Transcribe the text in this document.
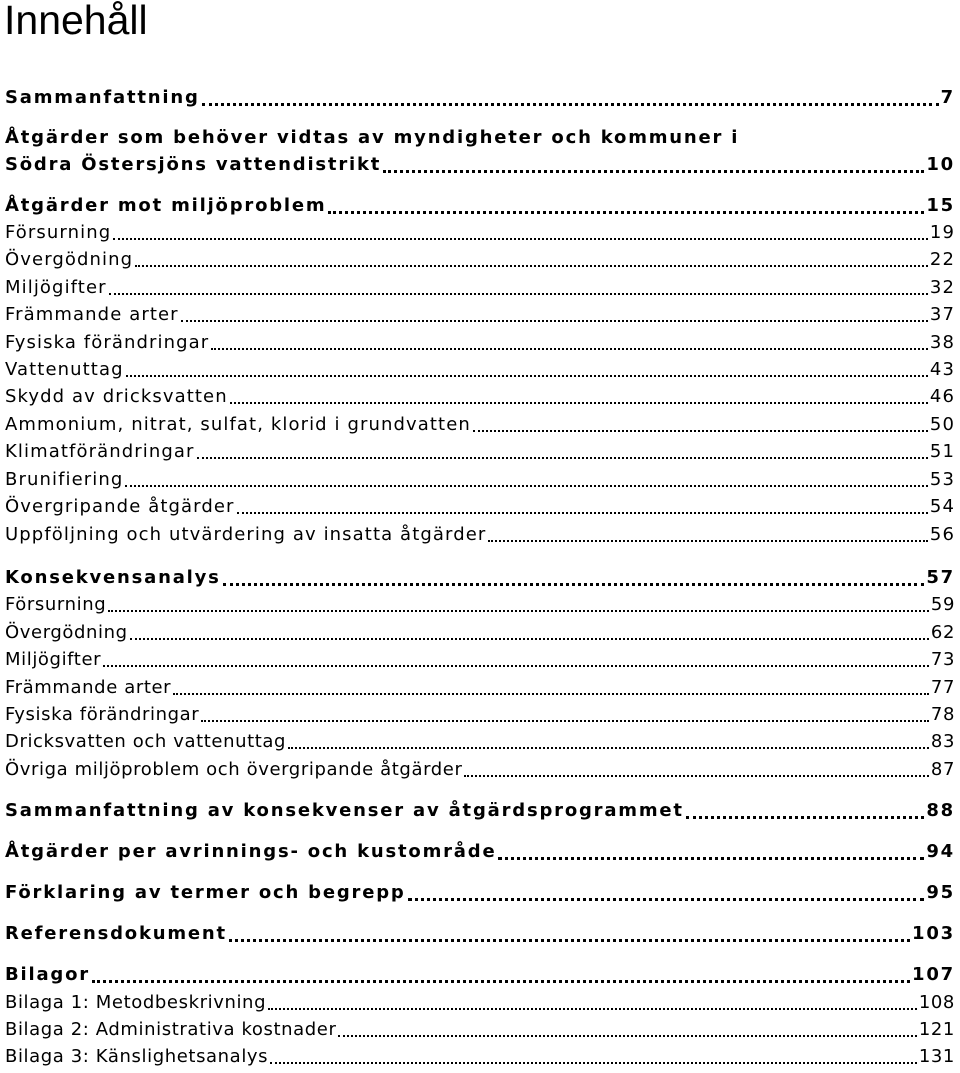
Innehåll
Sammanfattning	7
Åtgärder som behöver vidtas av myndigheter och kommuner i
Södra Östersjöns vattendistrikt	10
Åtgärder mot miljöproblem	15
Försurning	19
Övergödning	22
Miljögifter	32
Främmande arter	37
Fysiska förändringar	38
Vattenuttag	43
Skydd av dricksvatten	46
Ammonium, nitrat, sulfat, klorid i grundvatten	50
Klimatförändringar	51
Brunifiering	53
Övergripande åtgärder	54
Uppföljning och utvärdering av insatta åtgärder	56
Konsekvensanalys	57
Försurning	59
Övergödning	62
Miljögifter	73
Främmande arter	77
Fysiska förändringar	78
Dricksvatten och vattenuttag	83
Övriga miljöproblem och övergripande åtgärder	87
Sammanfattning av konsekvenser av åtgärdsprogrammet	88
Åtgärder per avrinnings- och kustområde	94
Förklaring av termer och begrepp	95
Referensdokument	103
Bilagor	107
Bilaga 1: Metodbeskrivning	108
Bilaga 2: Administrativa kostnader	121
Bilaga 3: Känslighetsanalys	131
